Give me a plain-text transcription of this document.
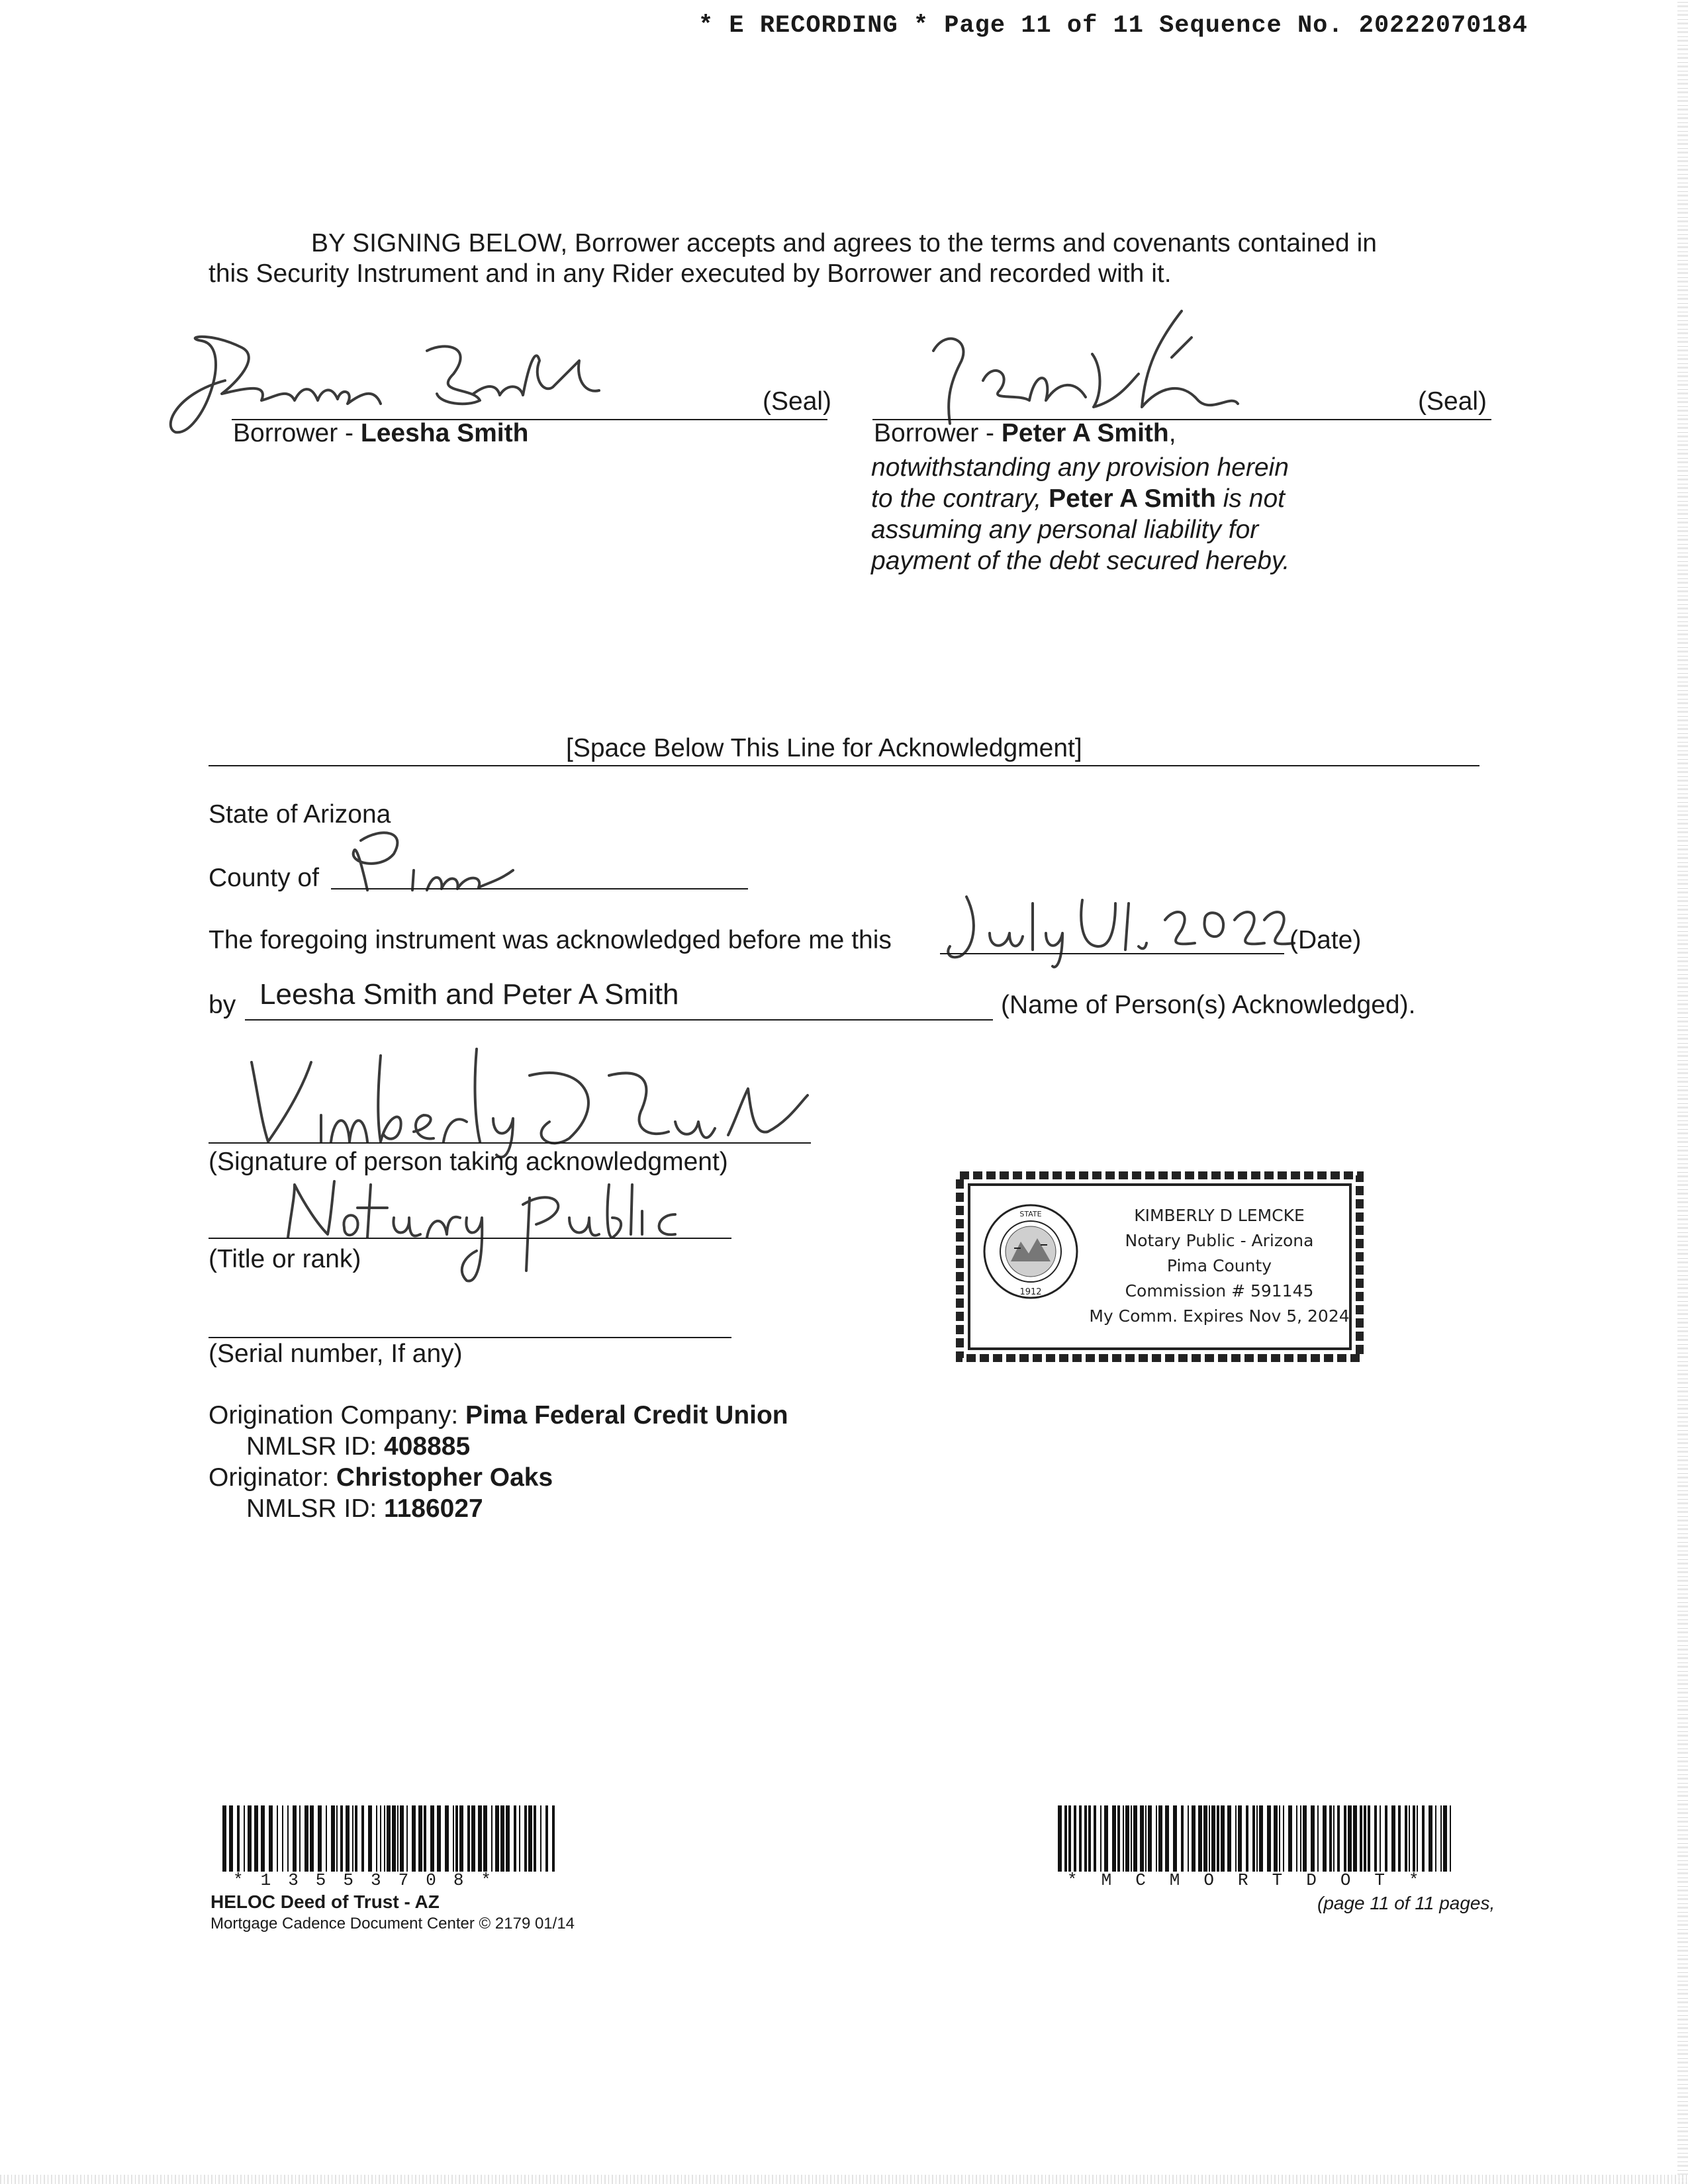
* E RECORDING * Page 11 of 11 Sequence No. 20222070184
BY SIGNING BELOW, Borrower accepts and agrees to the terms and covenants contained in
this Security Instrument and in any Rider executed by Borrower and recorded with it.
(Seal)
Borrower - Leesha Smith
(Seal)
Borrower - Peter A Smith,
notwithstanding any provision herein
to the contrary, Peter A Smith is not
assuming any personal liability for
payment of the debt secured hereby.
[Space Below This Line for Acknowledgment]
State of Arizona
County of
The foregoing instrument was acknowledged before me this	(Date)
by Leesha Smith and Peter A Smith	(Name of Person(s) Acknowledged).
(Signature of person taking acknowledgment)
(Title or rank)
(Serial number, If any)
STATE
1912
KIMBERLY D LEMCKE
Notary Public - Arizona
Pima County
Commission # 591145
My Comm. Expires Nov 5, 2024
Origination Company: Pima Federal Credit Union
NMLSR ID: 408885
Originator: Christopher Oaks
NMLSR ID: 1186027
*13553708*
HELOC Deed of Trust - AZ
Mortgage Cadence Document Center © 2179 01/14
*MCMORTDOT*
(page 11 of 11 pages,
